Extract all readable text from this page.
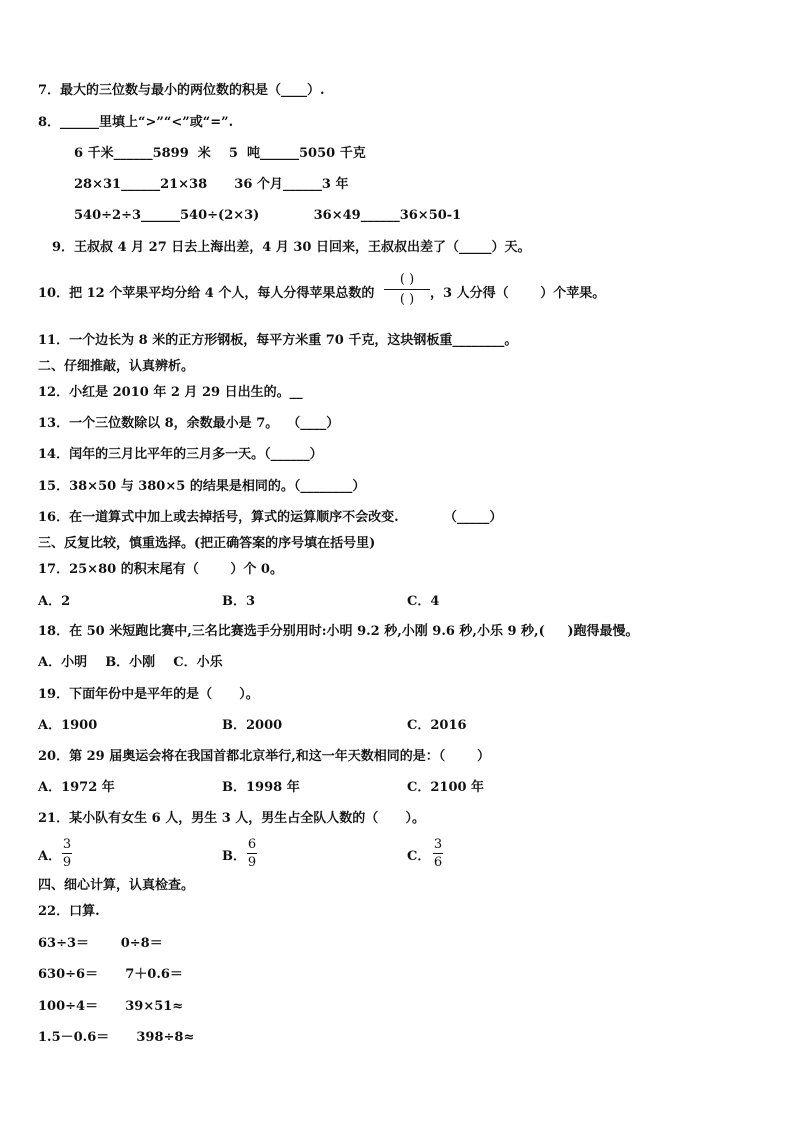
7．最大的三位数与最小的两位数的积是（____）.
8．______里填上“>”“<”或“=”.
6 千米______5899  米    5  吨______5050 千克
28×31______21×38      36 个月______3 年
540÷2÷3______540÷(2×3)            36×49______36×50-1
9．王叔叔 4 月 27 日去上海出差，4 月 30 日回来，王叔叔出差了（_____）天。
10．把 12 个苹果平均分给 4 个人，每人分得苹果总数的
( )
( )	，3 人分得（       ）个苹果。
11．一个边长为 8 米的正方形钢板，每平方米重 70 千克，这块钢板重________。
二、仔细推敲，认真辨析。
12．小红是 2010 年 2 月 29 日出生的。__
13．一个三位数除以 8，余数最小是 7。  （____）
14．闰年的三月比平年的三月多一天。（______）
15．38×50 与 380×5 的结果是相同的。（________）
16．在一道算式中加上或去掉括号，算式的运算顺序不会改变.          （_____）
三、反复比较，慎重选择。(把正确答案的序号填在括号里)
17．25×80 的积末尾有（       ）个 0。
A．2	B．3	C．4
18．在 50 米短跑比赛中,三名比赛选手分别用时:小明 9.2 秒,小刚 9.6 秒,小乐 9 秒,(     )跑得最慢。
A．小明    B．小刚    C．小乐
19．下面年份中是平年的是（      ）。
A．1900	B．2000	C．2016
20．第 29 届奥运会将在我国首都北京举行,和这一年天数相同的是：（       ）
A．1972 年	B．1998 年	C．2100 年
21．某小队有女生 6 人，男生 3 人，男生占全队人数的（      ）。
A．
3
9	B．
6
9	C．
3
6
四、细心计算，认真检查。
22．口算.
63÷3＝       0÷8＝
630÷6＝      7＋0.6＝
100÷4＝      39×51≈
1.5－0.6＝      398÷8≈
